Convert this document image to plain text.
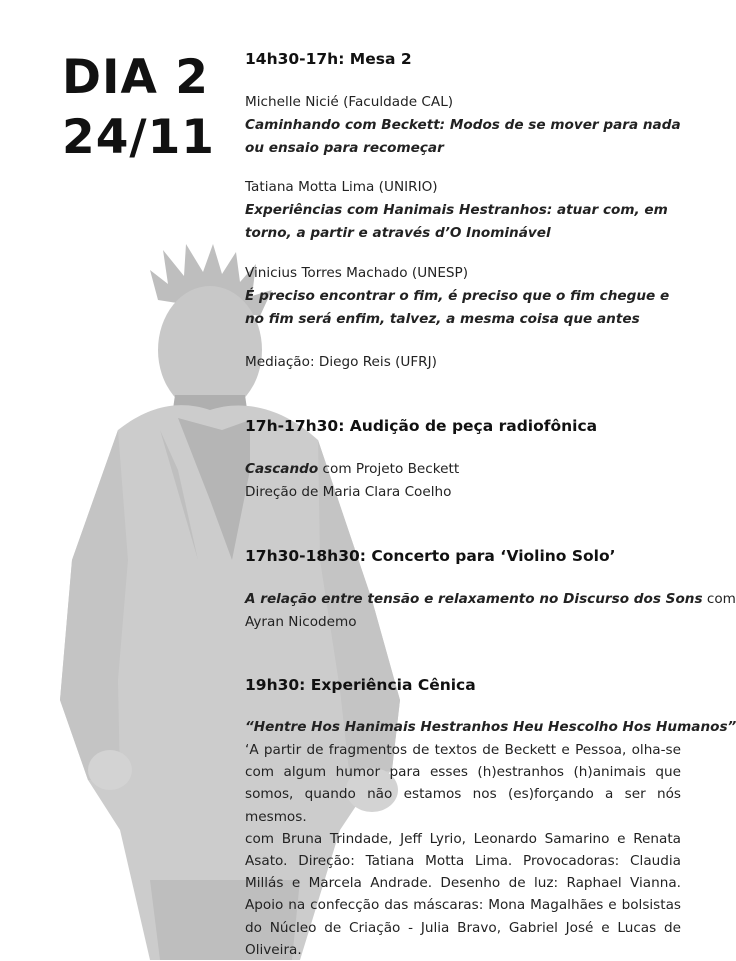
DIA 2
24/11
14h30-17h: Mesa 2
Michelle Nicié (Faculdade CAL)
Caminhando com Beckett: Modos de se mover para nada ou ensaio para recomeçar
Tatiana Motta Lima (UNIRIO)
Experiências com Hanimais Hestranhos: atuar com, em torno, a partir e através d’O Inominável
Vinicius Torres Machado (UNESP)
É preciso encontrar o fim, é preciso que o fim chegue e no fim será enfim, talvez, a mesma coisa que antes
Mediação: Diego Reis (UFRJ)
17h-17h30: Audição de peça radiofônica
Cascando com Projeto Beckett
Direção de Maria Clara Coelho
17h30-18h30: Concerto para ‘Violino Solo’
A relação entre tensão e relaxamento no Discurso dos Sons com
Ayran Nicodemo
19h30: Experiência Cênica
“Hentre Hos Hanimais Hestranhos Heu Hescolho Hos Humanos”
‘A partir de fragmentos de textos de Beckett e Pessoa, olha-se com algum humor para esses (h)estranhos (h)animais que somos, quando não estamos nos (es)forçando a ser nós mesmos.
com Bruna Trindade, Jeff Lyrio, Leonardo Samarino e Renata Asato. Direção: Tatiana Motta Lima. Provocadoras: Claudia Millás e Marcela Andrade. Desenho de luz: Raphael Vianna. Apoio na confecção das máscaras: Mona Magalhães e bolsistas do Núcleo de Criação - Julia Bravo, Gabriel José e Lucas de Oliveira.
